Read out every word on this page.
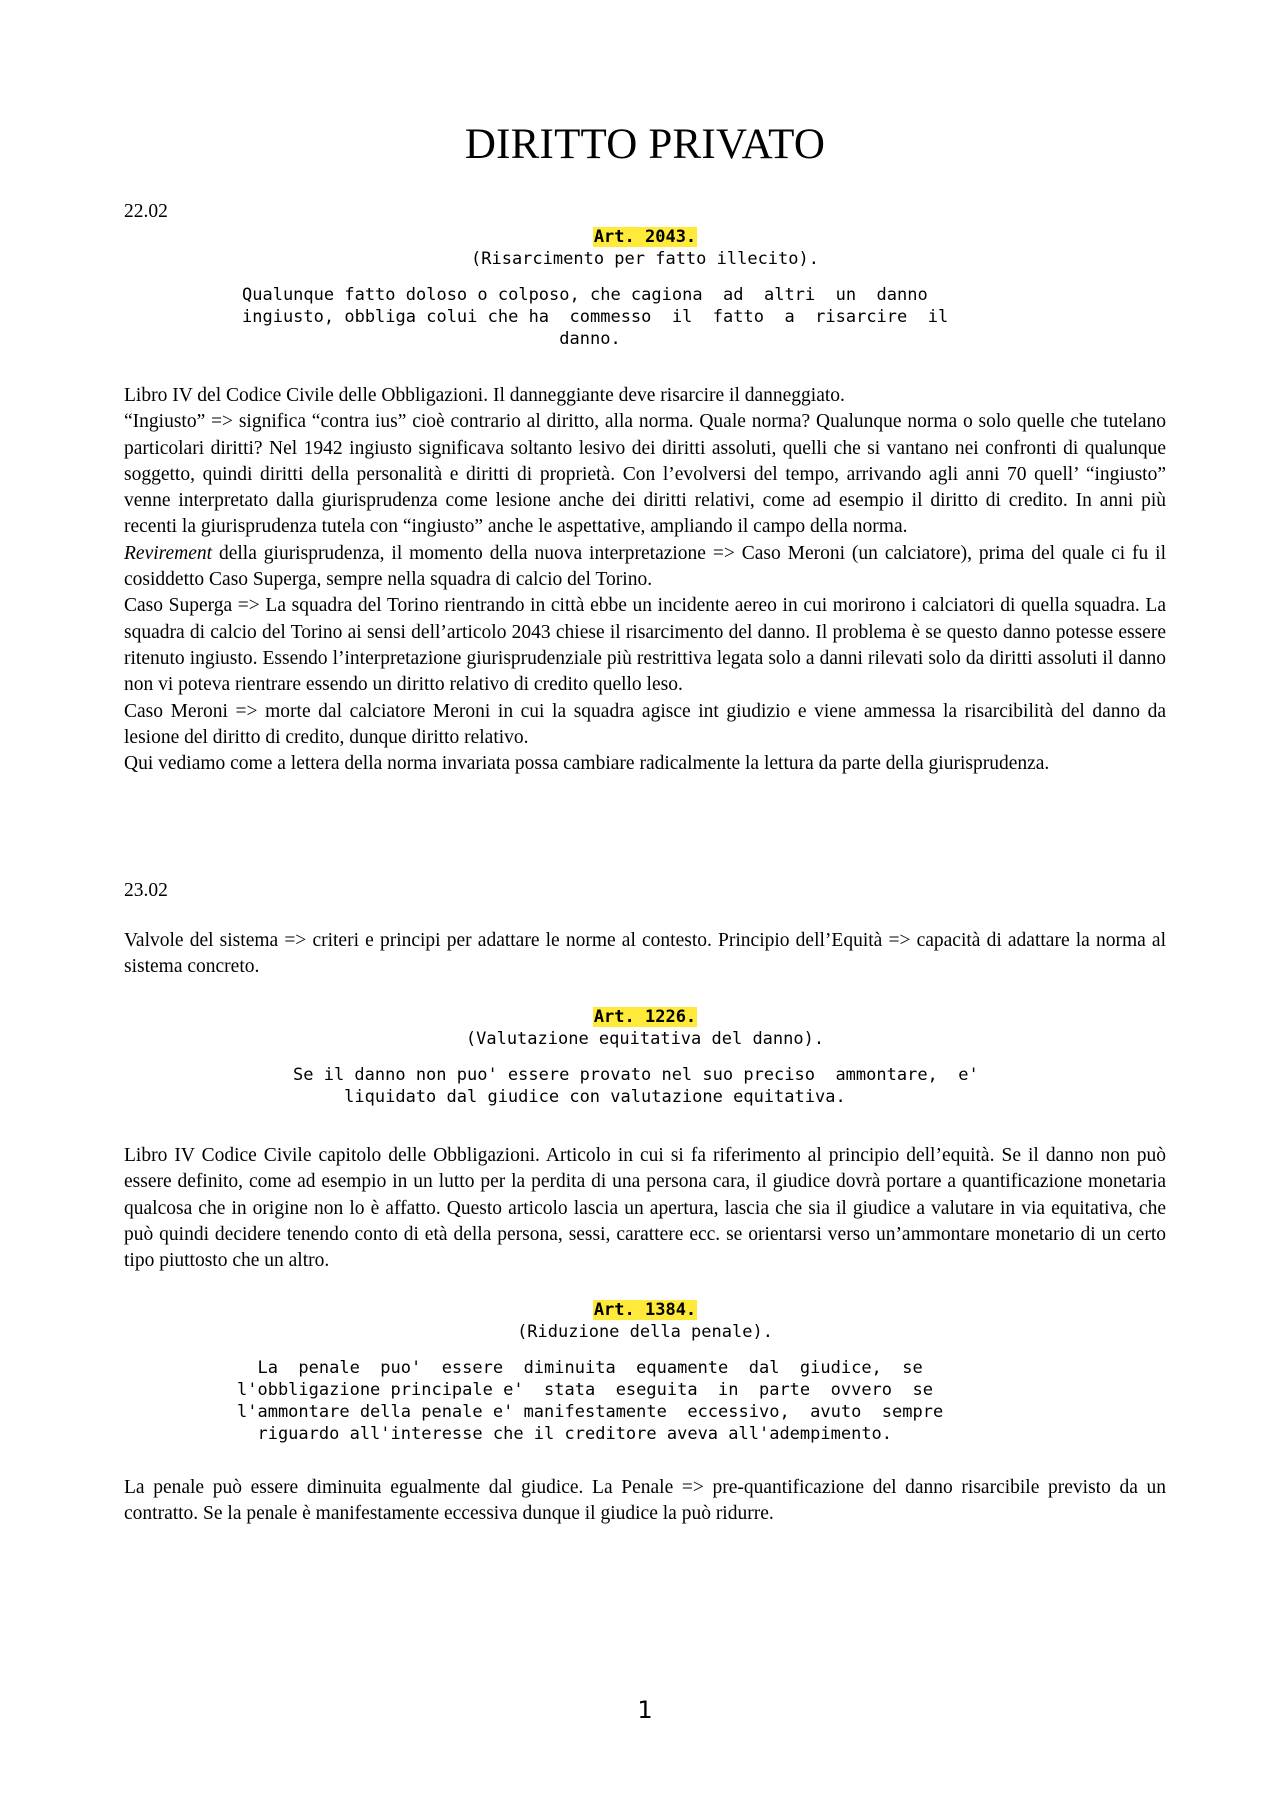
DIRITTO PRIVATO
22.02
Art. 2043.
(Risarcimento per fatto illecito).
Qualunque fatto doloso o colposo, che cagiona  ad  altri  un  danno
ingiusto, obbliga colui che ha  commesso  il  fatto  a  risarcire  il
danno.

Libro IV del Codice Civile delle Obbligazioni. Il danneggiante deve risarcire il danneggiato.

“Ingiusto” => significa “contra ius” cioè contrario al diritto, alla norma. Quale norma? Qualunque norma o solo quelle che tutelano particolari diritti? Nel 1942 ingiusto significava soltanto lesivo dei diritti assoluti, quelli che si vantano nei confronti di qualunque soggetto, quindi diritti della personalità e diritti di proprietà. Con l’evolversi del tempo, arrivando agli anni 70 quell’ “ingiusto” venne interpretato dalla giurisprudenza come lesione anche dei diritti relativi, come ad esempio il diritto di credito. In anni più recenti la giurisprudenza tutela con “ingiusto” anche le aspettative, ampliando il campo della norma.

Revirement della giurisprudenza, il momento della nuova interpretazione => Caso Meroni (un calciatore), prima del quale ci fu il cosiddetto Caso Superga, sempre nella squadra di calcio del Torino.

Caso Superga => La squadra del Torino rientrando in città ebbe un incidente aereo in cui morirono i calciatori di quella squadra. La squadra di calcio del Torino ai sensi dell’articolo 2043 chiese il risarcimento del danno. Il problema è se questo danno potesse essere ritenuto ingiusto. Essendo l’interpretazione giurisprudenziale più restrittiva legata solo a danni rilevati solo da diritti assoluti il danno non vi poteva rientrare essendo un diritto relativo di credito quello leso.

Caso Meroni => morte dal calciatore Meroni in cui la squadra agisce int giudizio e viene ammessa la risarcibilità del danno da lesione del diritto di credito, dunque diritto relativo.

Qui vediamo come a lettera della norma invariata possa cambiare radicalmente la lettura da parte della giurisprudenza.

23.02
Valvole del sistema => criteri e principi per adattare le norme al contesto. Principio dell’Equità => capacità di adattare la norma al sistema concreto.
Art. 1226.
(Valutazione equitativa del danno).
Se il danno non puo' essere provato nel suo preciso  ammontare,  e'
liquidato dal giudice con valutazione equitativa.
Libro IV Codice Civile capitolo delle Obbligazioni. Articolo in cui si fa riferimento al principio dell’equità. Se il danno non può essere definito, come ad esempio in un lutto per la perdita di una persona cara, il giudice dovrà portare a quantificazione monetaria qualcosa che in origine non lo è affatto. Questo articolo lascia un apertura, lascia che sia il giudice a valutare in via equitativa, che può quindi decidere tenendo conto di età della persona, sessi, carattere ecc. se orientarsi verso un’ammontare monetario di un certo tipo piuttosto che un altro.
Art. 1384.
(Riduzione della penale).
La  penale  puo'  essere  diminuita  equamente  dal  giudice,  se
l'obbligazione principale e'  stata  eseguita  in  parte  ovvero  se
l'ammontare della penale e' manifestamente  eccessivo,  avuto  sempre
riguardo all'interesse che il creditore aveva all'adempimento.
La penale può essere diminuita egualmente dal giudice. La Penale => pre-quantificazione del danno risarcibile previsto da un contratto. Se la penale è manifestamente eccessiva dunque il giudice la può ridurre.
1
